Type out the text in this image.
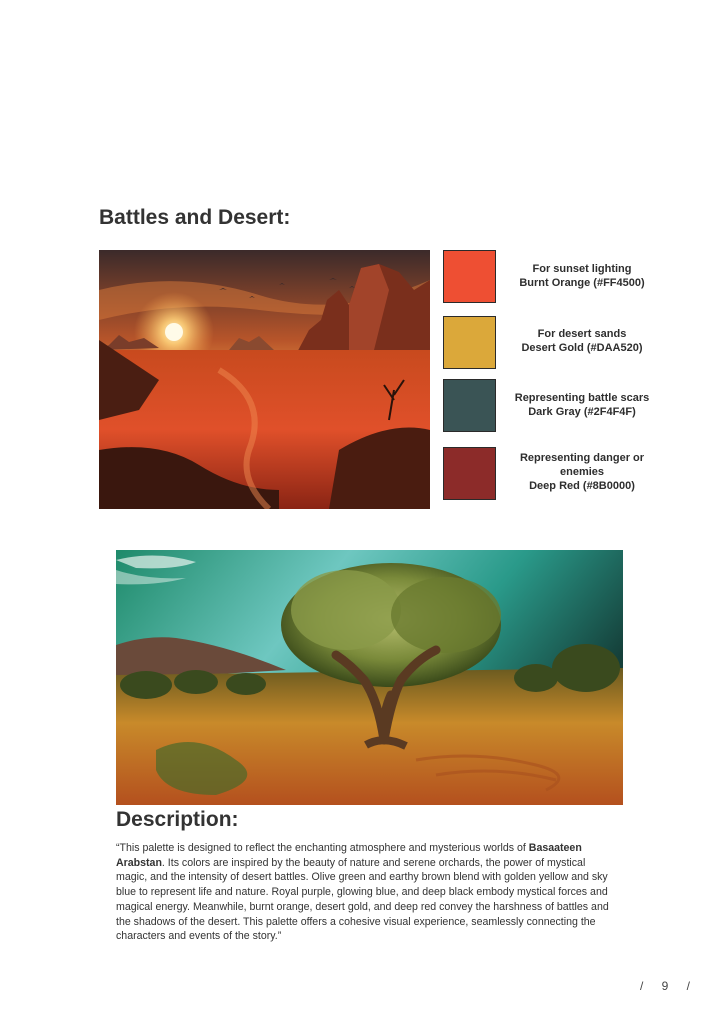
Battles and Desert:
For sunset lighting
Burnt Orange (#FF4500)
For desert sands
Desert Gold (#DAA520)
Representing battle scars
Dark Gray (#2F4F4F)
Representing danger or enemies
Deep Red (#8B0000)
Description:

“This palette is designed to reflect the enchanting atmosphere and mysterious worlds of Basaateen Arabstan. Its colors are inspired by the beauty of nature and serene orchards, the power of mystical magic, and the intensity of desert battles. Olive green and earthy brown blend with golden yellow and sky blue to represent life and nature. Royal purple, glowing blue, and deep black embody mystical forces and magical energy. Meanwhile, burnt orange, desert gold, and deep red convey the harshness of battles and the shadows of the desert. This palette offers a cohesive visual experience, seamlessly connecting the characters and events of the story.”

/ 9 /
